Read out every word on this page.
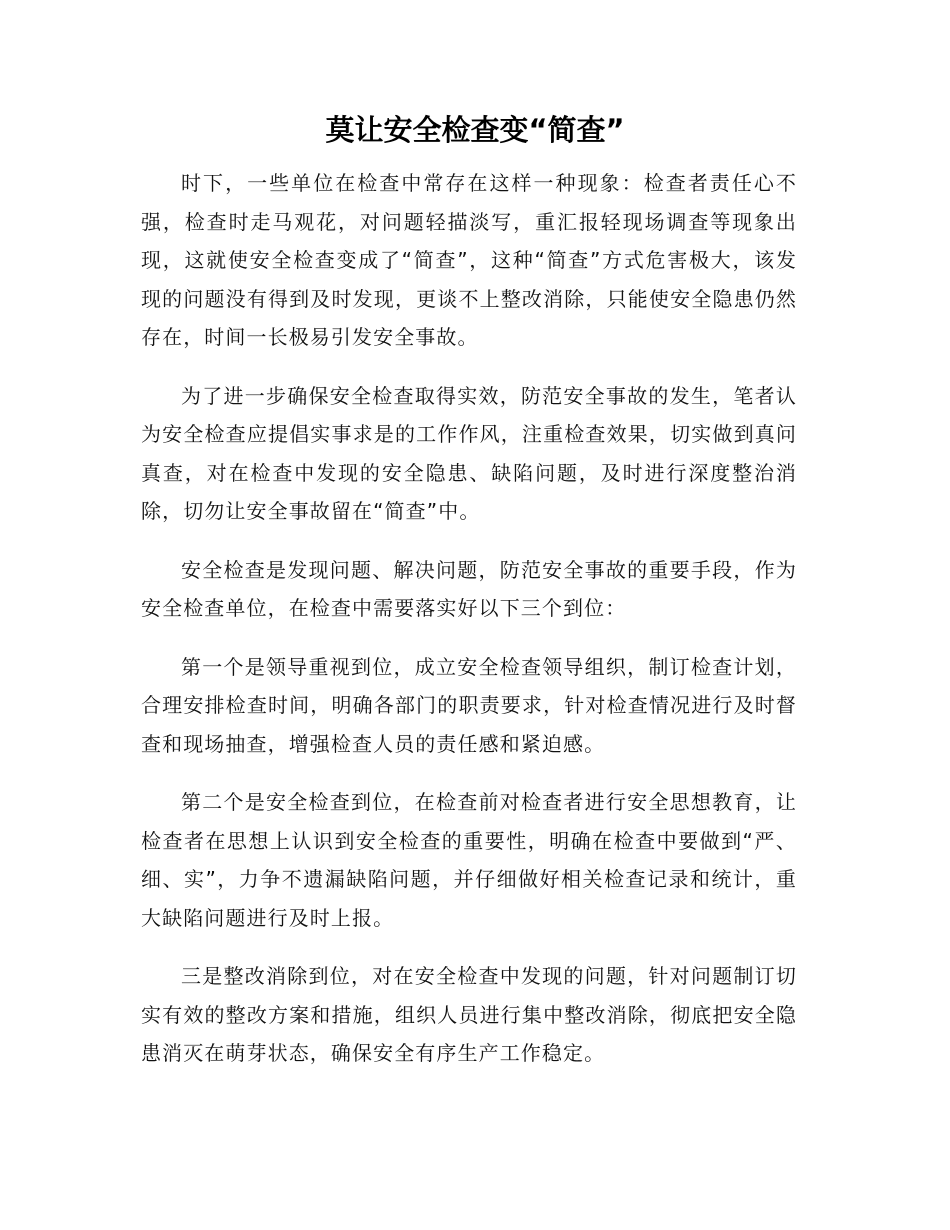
莫让安全检查变“简查”

时下，一些单位在检查中常存在这样一种现象：检查者责任心不强，检查时走马观花，对问题轻描淡写，重汇报轻现场调查等现象出现，这就使安全检查变成了“简查”，这种“简查”方式危害极大，该发现的问题没有得到及时发现，更谈不上整改消除，只能使安全隐患仍然存在，时间一长极易引发安全事故。

为了进一步确保安全检查取得实效，防范安全事故的发生，笔者认为安全检查应提倡实事求是的工作作风，注重检查效果，切实做到真问真查，对在检查中发现的安全隐患、缺陷问题，及时进行深度整治消除，切勿让安全事故留在“简查”中。

安全检查是发现问题、解决问题，防范安全事故的重要手段，作为安全检查单位，在检查中需要落实好以下三个到位：

第一个是领导重视到位，成立安全检查领导组织，制订检查计划，合理安排检查时间，明确各部门的职责要求，针对检查情况进行及时督查和现场抽查，增强检查人员的责任感和紧迫感。

第二个是安全检查到位，在检查前对检查者进行安全思想教育，让检查者在思想上认识到安全检查的重要性，明确在检查中要做到“严、细、实”，力争不遗漏缺陷问题，并仔细做好相关检查记录和统计，重大缺陷问题进行及时上报。

三是整改消除到位，对在安全检查中发现的问题，针对问题制订切实有效的整改方案和措施，组织人员进行集中整改消除，彻底把安全隐患消灭在萌芽状态，确保安全有序生产工作稳定。
